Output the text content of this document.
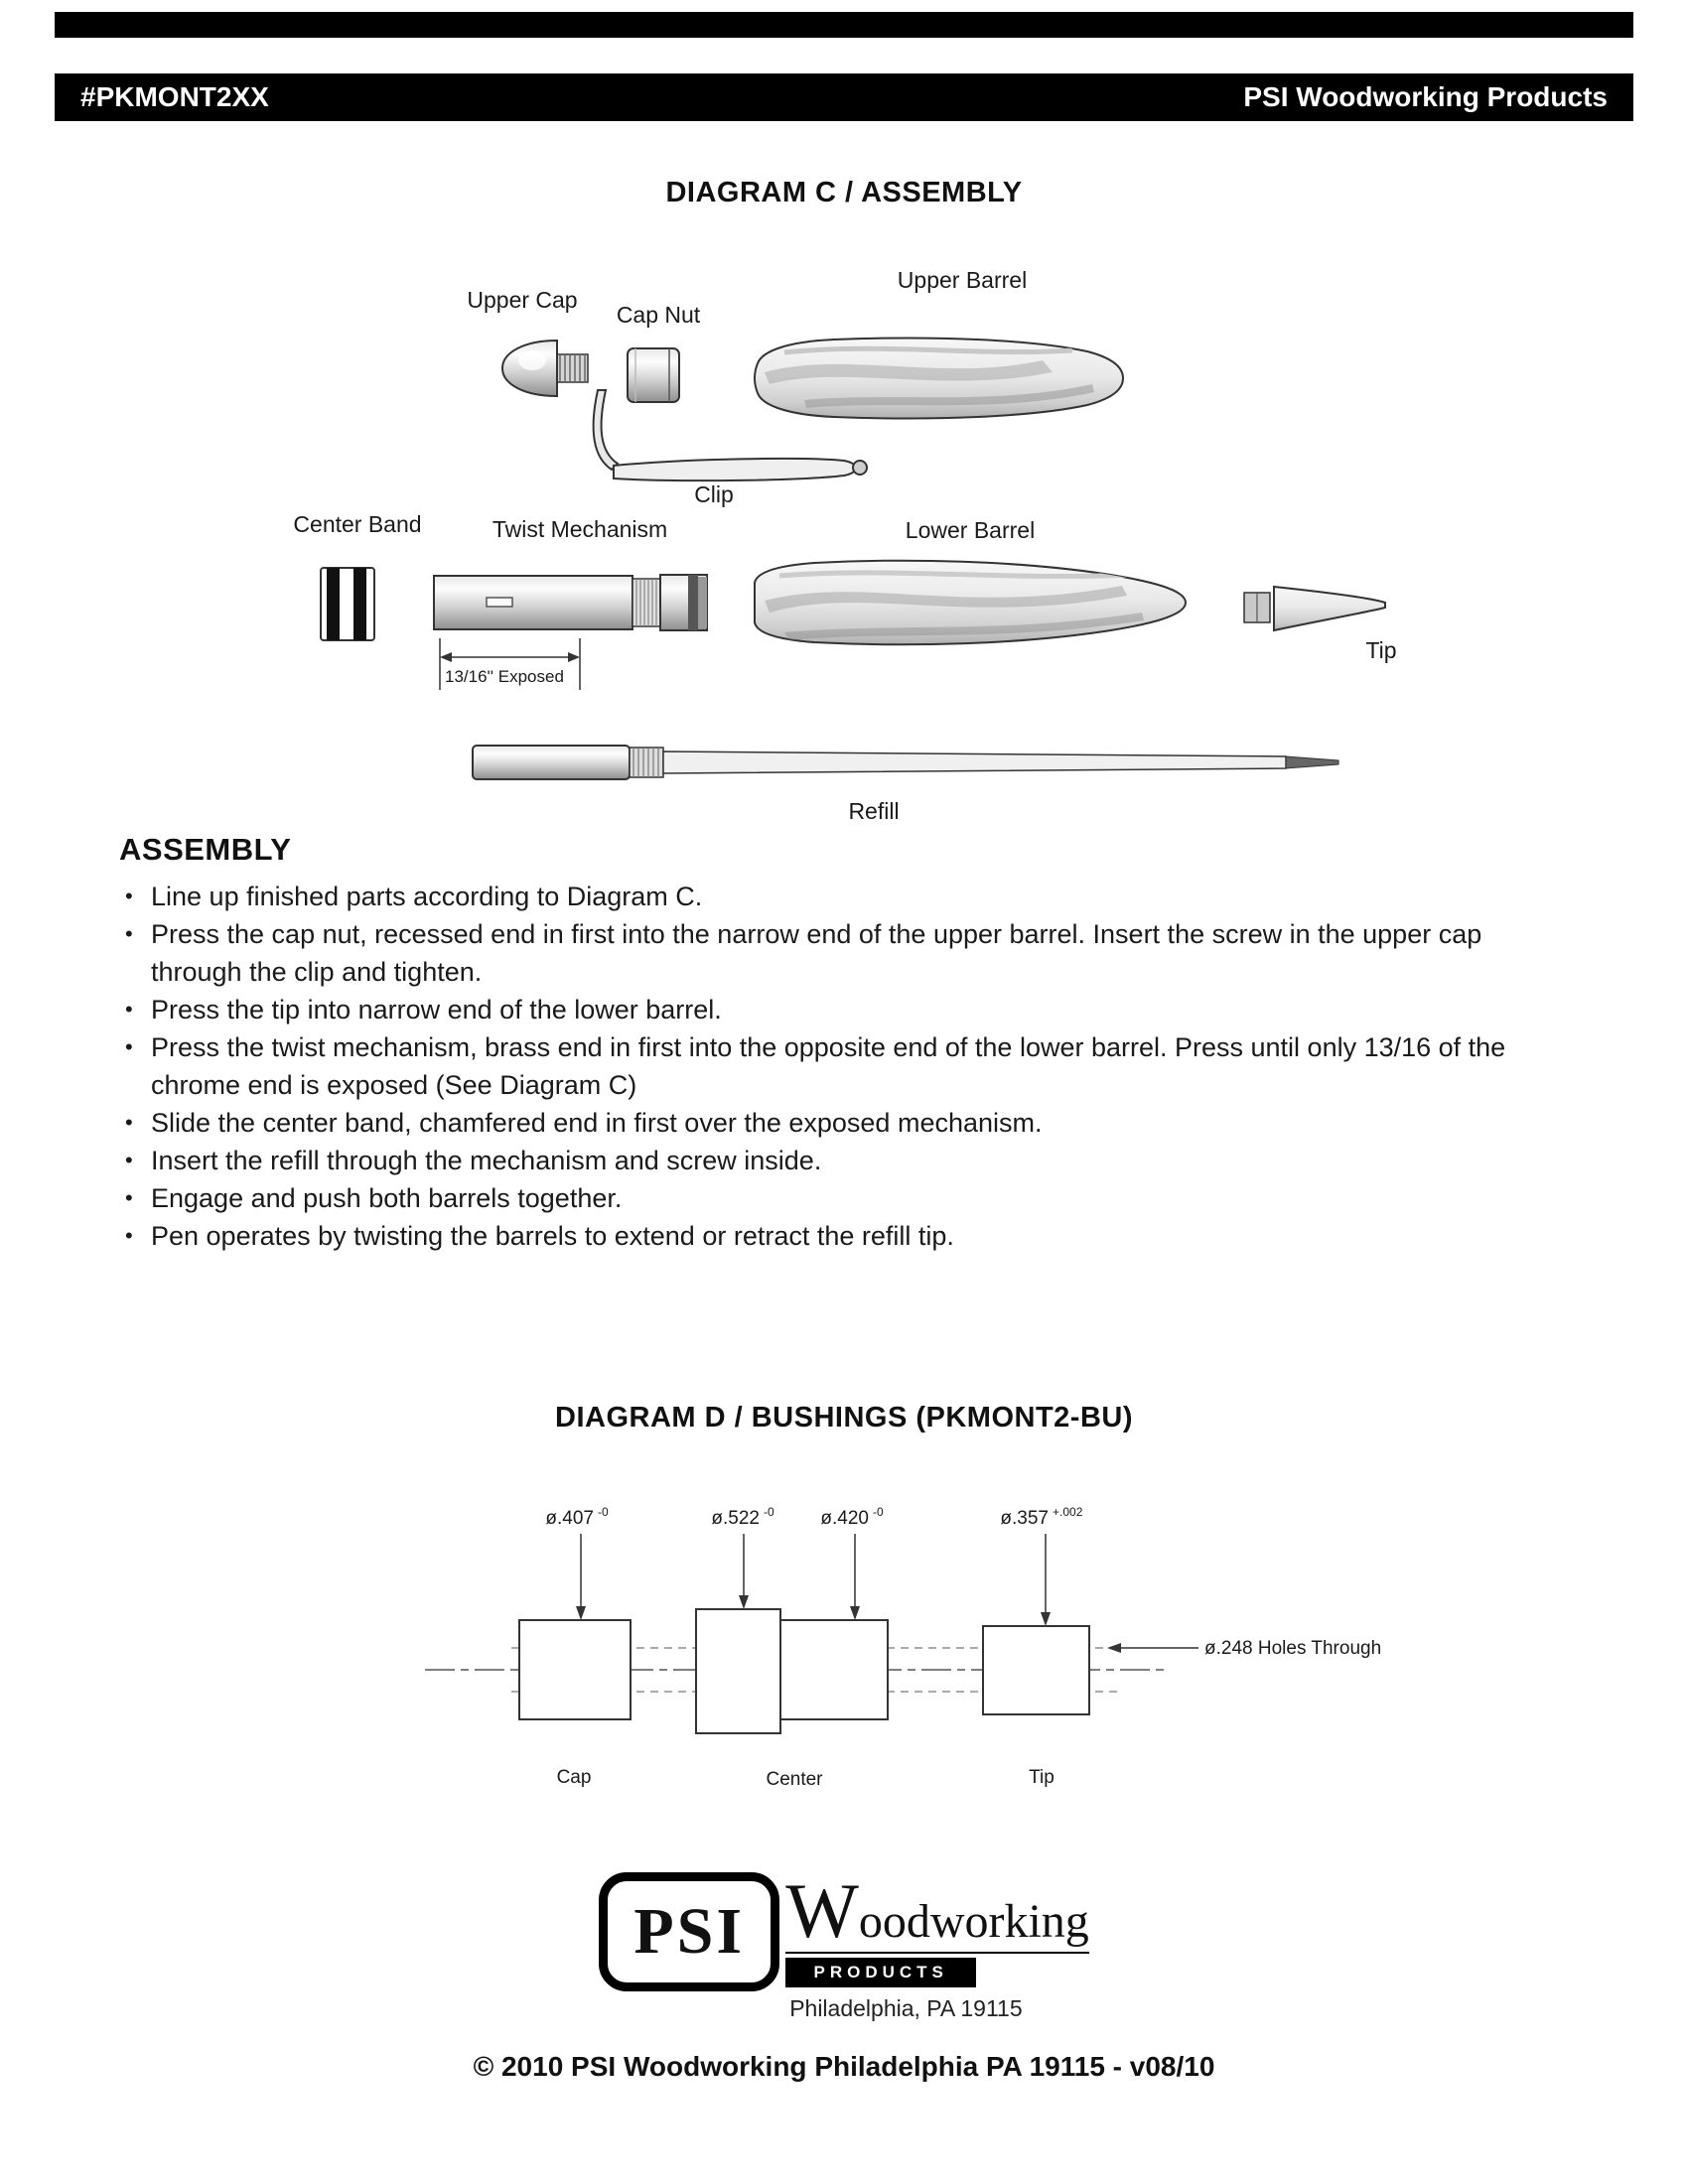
#PKMONT2XX	PSI Woodworking Products
DIAGRAM C / ASSEMBLY
Upper Cap
Cap Nut
Upper Barrel
Clip
Center Band	Twist Mechanism	Lower Barrel
Tip
Refill
13/16'' Exposed
ASSEMBLY
• Line up finished parts according to Diagram C.
• Press the cap nut, recessed end in first into the narrow end of the upper barrel. Insert the screw in the upper cap through the clip and tighten.
• Press the tip into narrow end of the lower barrel.
• Press the twist mechanism, brass end in first into the opposite end of the lower barrel. Press until only 13/16 of the chrome end is exposed (See Diagram C)
• Slide the center band, chamfered end in first over the exposed mechanism.
• Insert the refill through the mechanism and screw inside.
• Engage and push both barrels together.
• Pen operates by twisting the barrels to extend or retract the refill tip.
DIAGRAM D / BUSHINGS (PKMONT2-BU)
ø.407 -0	ø.522 -0 ø.420 -0	ø.357 +.002
ø.248 Holes Through
Cap	Center	Tip
PSI Woodworking
PRODUCTS
Philadelphia, PA 19115
© 2010 PSI Woodworking Philadelphia PA 19115 - v08/10
